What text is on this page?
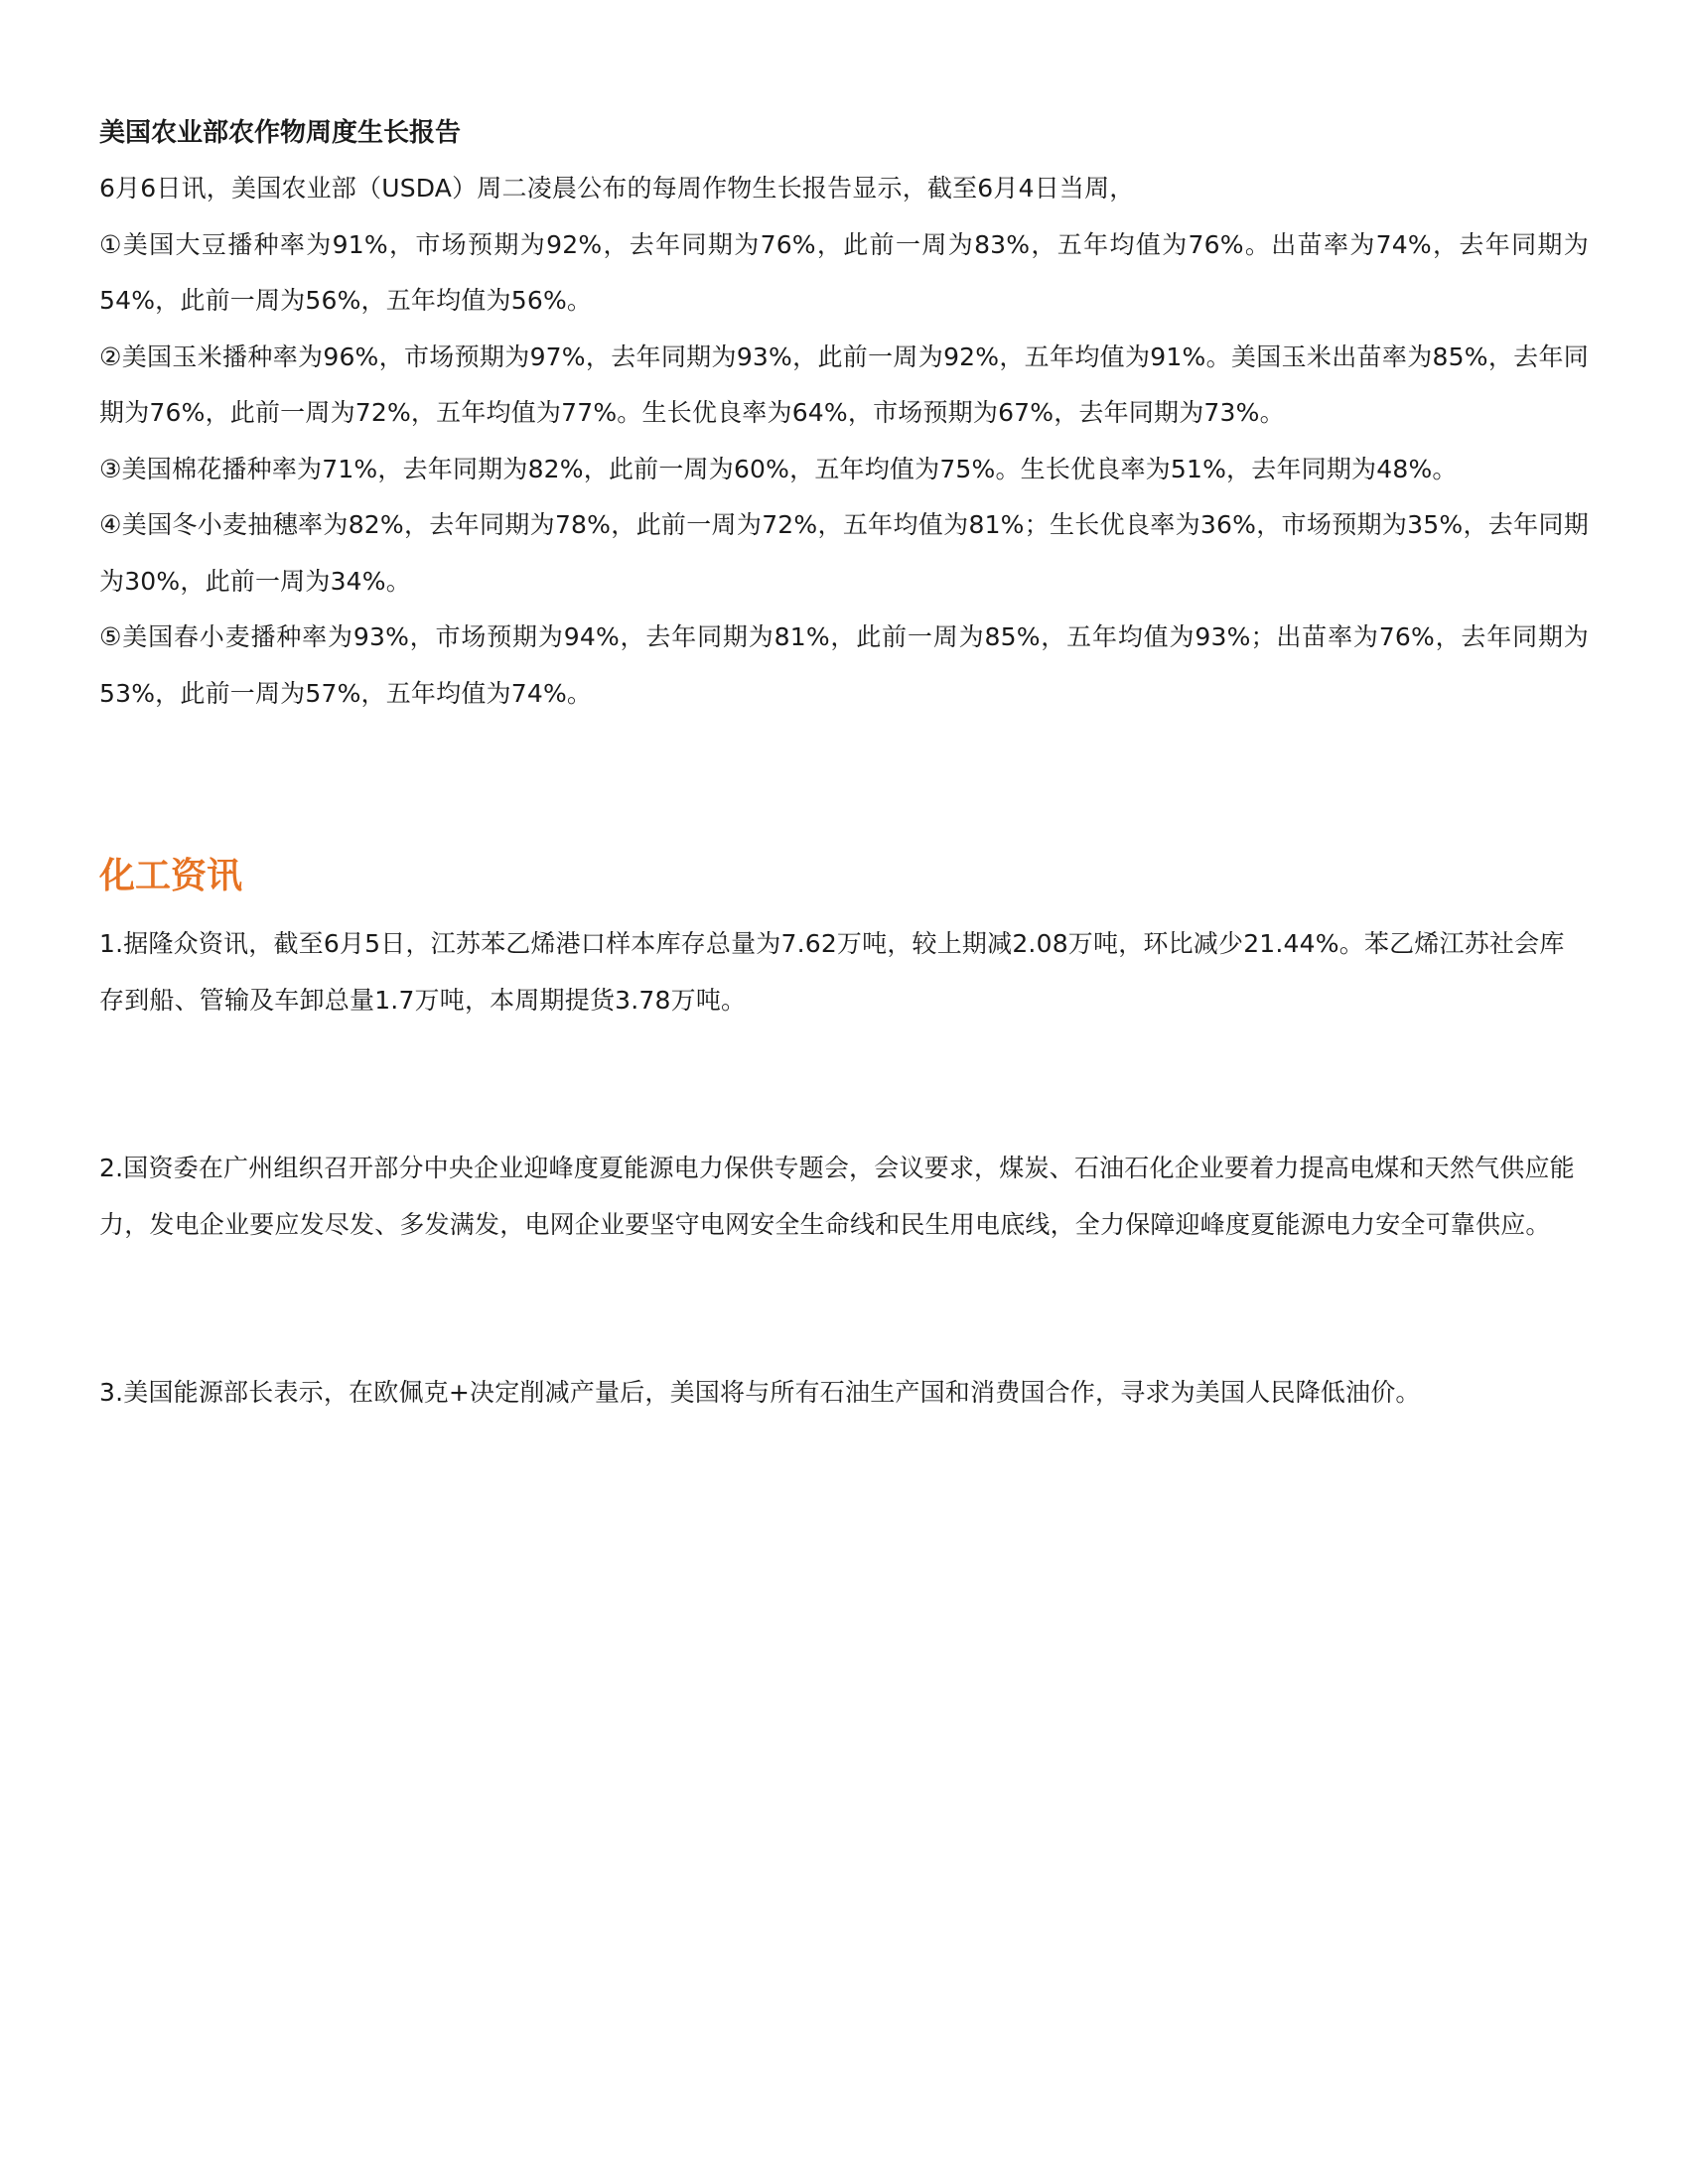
美国农业部农作物周度生长报告

6月6日讯，美国农业部（USDA）周二凌晨公布的每周作物生长报告显示，截至6月4日当周，

①美国大豆播种率为91%，市场预期为92%，去年同期为76%，此前一周为83%，五年均值为76%。出苗率为74%，去年同期为54%，此前一周为56%，五年均值为56%。

②美国玉米播种率为96%，市场预期为97%，去年同期为93%，此前一周为92%，五年均值为91%。美国玉米出苗率为85%，去年同期为76%，此前一周为72%，五年均值为77%。生长优良率为64%，市场预期为67%，去年同期为73%。

③美国棉花播种率为71%，去年同期为82%，此前一周为60%，五年均值为75%。生长优良率为51%，去年同期为48%。

④美国冬小麦抽穗率为82%，去年同期为78%，此前一周为72%，五年均值为81%；生长优良率为36%，市场预期为35%，去年同期为30%，此前一周为34%。

⑤美国春小麦播种率为93%，市场预期为94%，去年同期为81%，此前一周为85%，五年均值为93%；出苗率为76%，去年同期为53%，此前一周为57%，五年均值为74%。

化工资讯

1.据隆众资讯，截至6月5日，江苏苯乙烯港口样本库存总量为7.62万吨，较上期减2.08万吨，环比减少21.44%。苯乙烯江苏社会库存到船、管输及车卸总量1.7万吨，本周期提货3.78万吨。

2.国资委在广州组织召开部分中央企业迎峰度夏能源电力保供专题会，会议要求，煤炭、石油石化企业要着力提高电煤和天然气供应能力，发电企业要应发尽发、多发满发，电网企业要坚守电网安全生命线和民生用电底线，全力保障迎峰度夏能源电力安全可靠供应。

3.美国能源部长表示，在欧佩克+决定削减产量后，美国将与所有石油生产国和消费国合作，寻求为美国人民降低油价。
